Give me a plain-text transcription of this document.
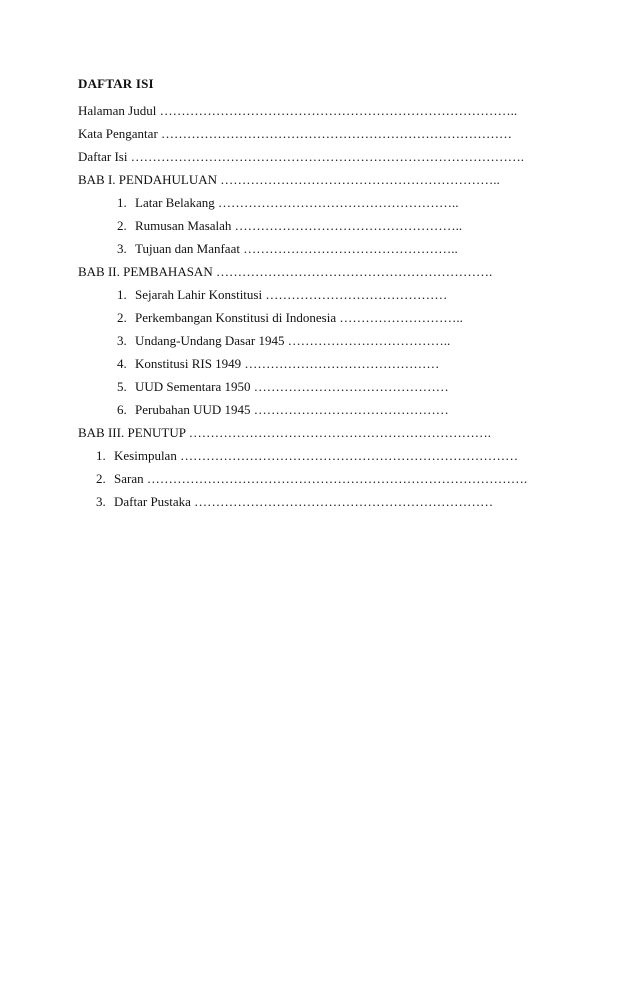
DAFTAR ISI
Halaman Judul ………………………………………………………………………..
Kata Pengantar ………………………………………………………………………
Daftar Isi ……………………………………………………………………………….
BAB I. PENDAHULUAN ………………………………………………………..
1. Latar Belakang ………………………………………………..
2. Rumusan Masalah ……………………………………………..
3. Tujuan dan Manfaat …………………………………………..
BAB II. PEMBAHASAN ……………………………………………………….
1. Sejarah Lahir Konstitusi ……………………………………
2. Perkembangan Konstitusi di Indonesia ………………………..
3. Undang-Undang Dasar 1945 ………………………………..
4. Konstitusi RIS 1949 ………………………………………
5. UUD Sementara 1950 ………………………………………
6. Perubahan UUD 1945 ………………………………………
BAB III. PENUTUP …………………………………………………………….
1. Kesimpulan ……………………………………………………………………
2. Saran …………………………………………………………………………….
3. Daftar Pustaka ……………………………………………………………
